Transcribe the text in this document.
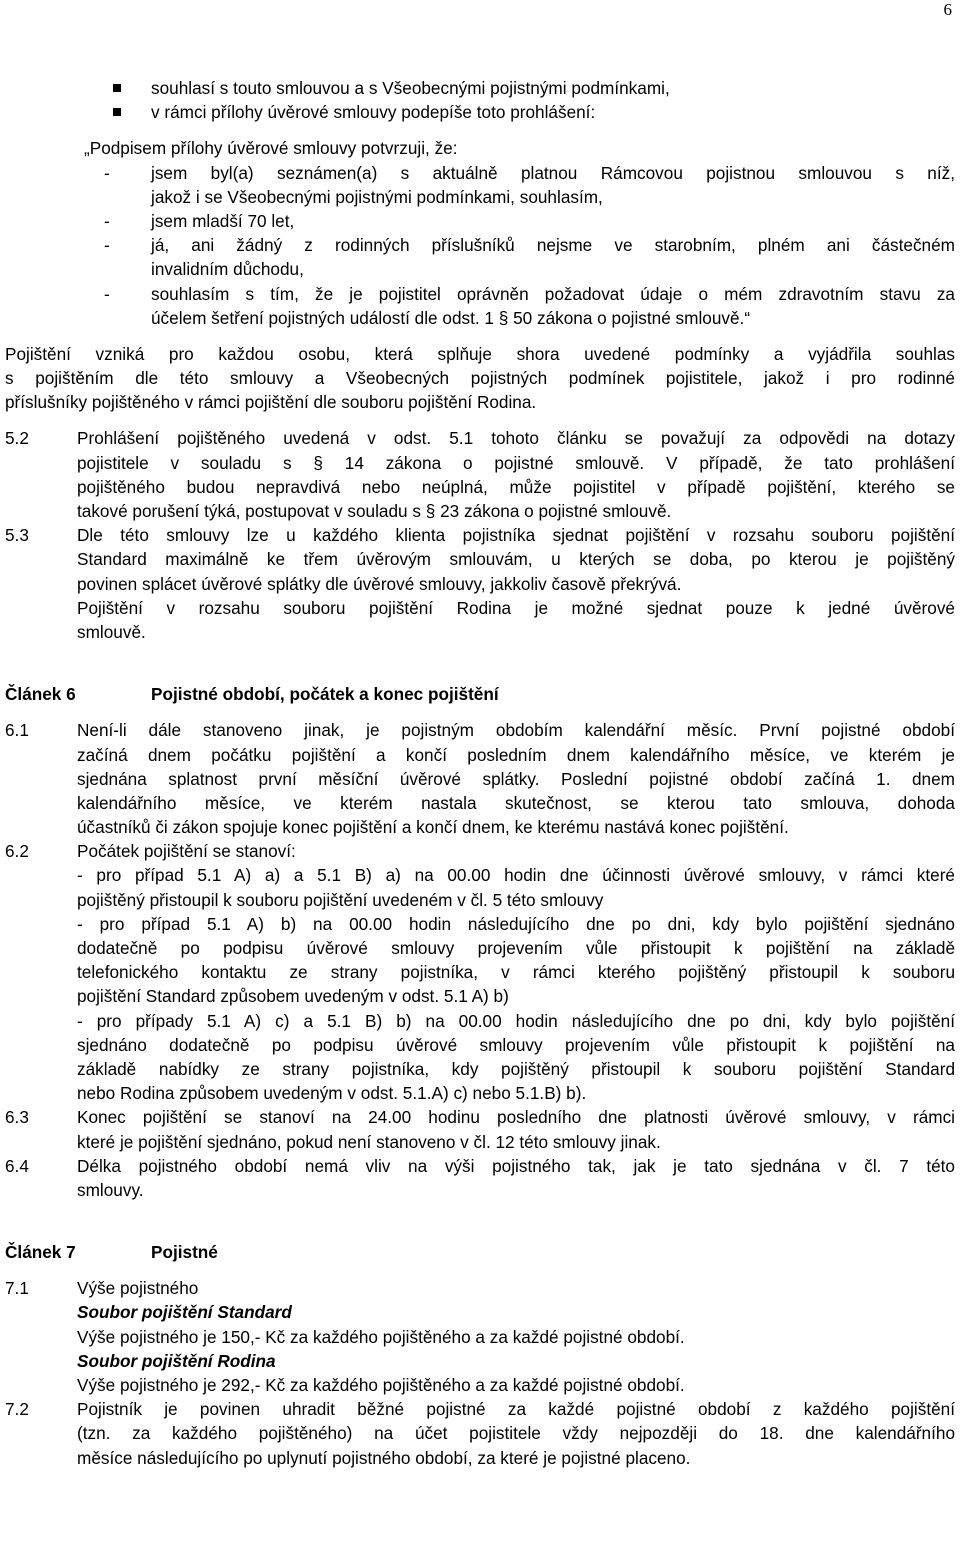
6
souhlasí s touto smlouvou a s Všeobecnými pojistnými podmínkami,
v rámci přílohy úvěrové smlouvy podepíše toto prohlášení:
„Podpisem přílohy úvěrové smlouvy potvrzuji, že:
- jsem byl(a) seznámen(a) s aktuálně platnou Rámcovou pojistnou smlouvou s níž,
jakož i se Všeobecnými pojistnými podmínkami, souhlasím,
- jsem mladší 70 let,
- já, ani žádný z rodinných příslušníků nejsme ve starobním, plném ani částečném
invalidním důchodu,
- souhlasím s tím, že je pojistitel oprávněn požadovat údaje o mém zdravotním stavu za
účelem šetření pojistných událostí dle odst. 1 § 50 zákona o pojistné smlouvě.“
Pojištění vzniká pro každou osobu, která splňuje shora uvedené podmínky a vyjádřila souhlas
s pojištěním dle této smlouvy a Všeobecných pojistných podmínek pojistitele, jakož i pro rodinné
příslušníky pojištěného v rámci pojištění dle souboru pojištění Rodina.
5.2	Prohlášení pojištěného uvedená v odst. 5.1 tohoto článku se považují za odpovědi na dotazy
pojistitele v souladu s § 14 zákona o pojistné smlouvě. V případě, že tato prohlášení
pojištěného budou nepravdivá nebo neúplná, může pojistitel v případě pojištění, kterého se
takové porušení týká, postupovat v souladu s § 23 zákona o pojistné smlouvě.
5.3	Dle této smlouvy lze u každého klienta pojistníka sjednat pojištění v rozsahu souboru pojištění
Standard maximálně ke třem úvěrovým smlouvám, u kterých se doba, po kterou je pojištěný
povinen splácet úvěrové splátky dle úvěrové smlouvy, jakkoliv časově překrývá.
Pojištění v rozsahu souboru pojištění Rodina je možné sjednat pouze k jedné úvěrové
smlouvě.
Článek 6	Pojistné období, počátek a konec pojištění
6.1	Není-li dále stanoveno jinak, je pojistným obdobím kalendářní měsíc. První pojistné období
začíná dnem počátku pojištění a končí posledním dnem kalendářního měsíce, ve kterém je
sjednána splatnost první měsíční úvěrové splátky. Poslední pojistné období začíná 1. dnem
kalendářního měsíce, ve kterém nastala skutečnost, se kterou tato smlouva, dohoda
účastníků či zákon spojuje konec pojištění a končí dnem, ke kterému nastává konec pojištění.
6.2	Počátek pojištění se stanoví:
- pro případ 5.1 A) a) a 5.1 B) a) na 00.00 hodin dne účinnosti úvěrové smlouvy, v rámci které
pojištěný přistoupil k souboru pojištění uvedeném v čl. 5 této smlouvy
- pro případ 5.1 A) b) na 00.00 hodin následujícího dne po dni, kdy bylo pojištění sjednáno
dodatečně po podpisu úvěrové smlouvy projevením vůle přistoupit k pojištění na základě
telefonického kontaktu ze strany pojistníka, v rámci kterého pojištěný přistoupil k souboru
pojištění Standard způsobem uvedeným v odst. 5.1 A) b)
- pro případy 5.1 A) c) a 5.1 B) b) na 00.00 hodin následujícího dne po dni, kdy bylo pojištění
sjednáno dodatečně po podpisu úvěrové smlouvy projevením vůle přistoupit k pojištění na
základě nabídky ze strany pojistníka, kdy pojištěný přistoupil k souboru pojištění Standard
nebo Rodina způsobem uvedeným v odst. 5.1.A) c) nebo 5.1.B) b).
6.3	Konec pojištění se stanoví na 24.00 hodinu posledního dne platnosti úvěrové smlouvy, v rámci
které je pojištění sjednáno, pokud není stanoveno v čl. 12 této smlouvy jinak.
6.4	Délka pojistného období nemá vliv na výši pojistného tak, jak je tato sjednána v čl. 7 této
smlouvy.
Článek 7	Pojistné
7.1	Výše pojistného
Soubor pojištění Standard
Výše pojistného je 150,- Kč za každého pojištěného a za každé pojistné období.
Soubor pojištění Rodina
Výše pojistného je 292,- Kč za každého pojištěného a za každé pojistné období.
7.2	Pojistník je povinen uhradit běžné pojistné za každé pojistné období z každého pojištění
(tzn. za každého pojištěného) na účet pojistitele vždy nejpozději do 18. dne kalendářního
měsíce následujícího po uplynutí pojistného období, za které je pojistné placeno.
